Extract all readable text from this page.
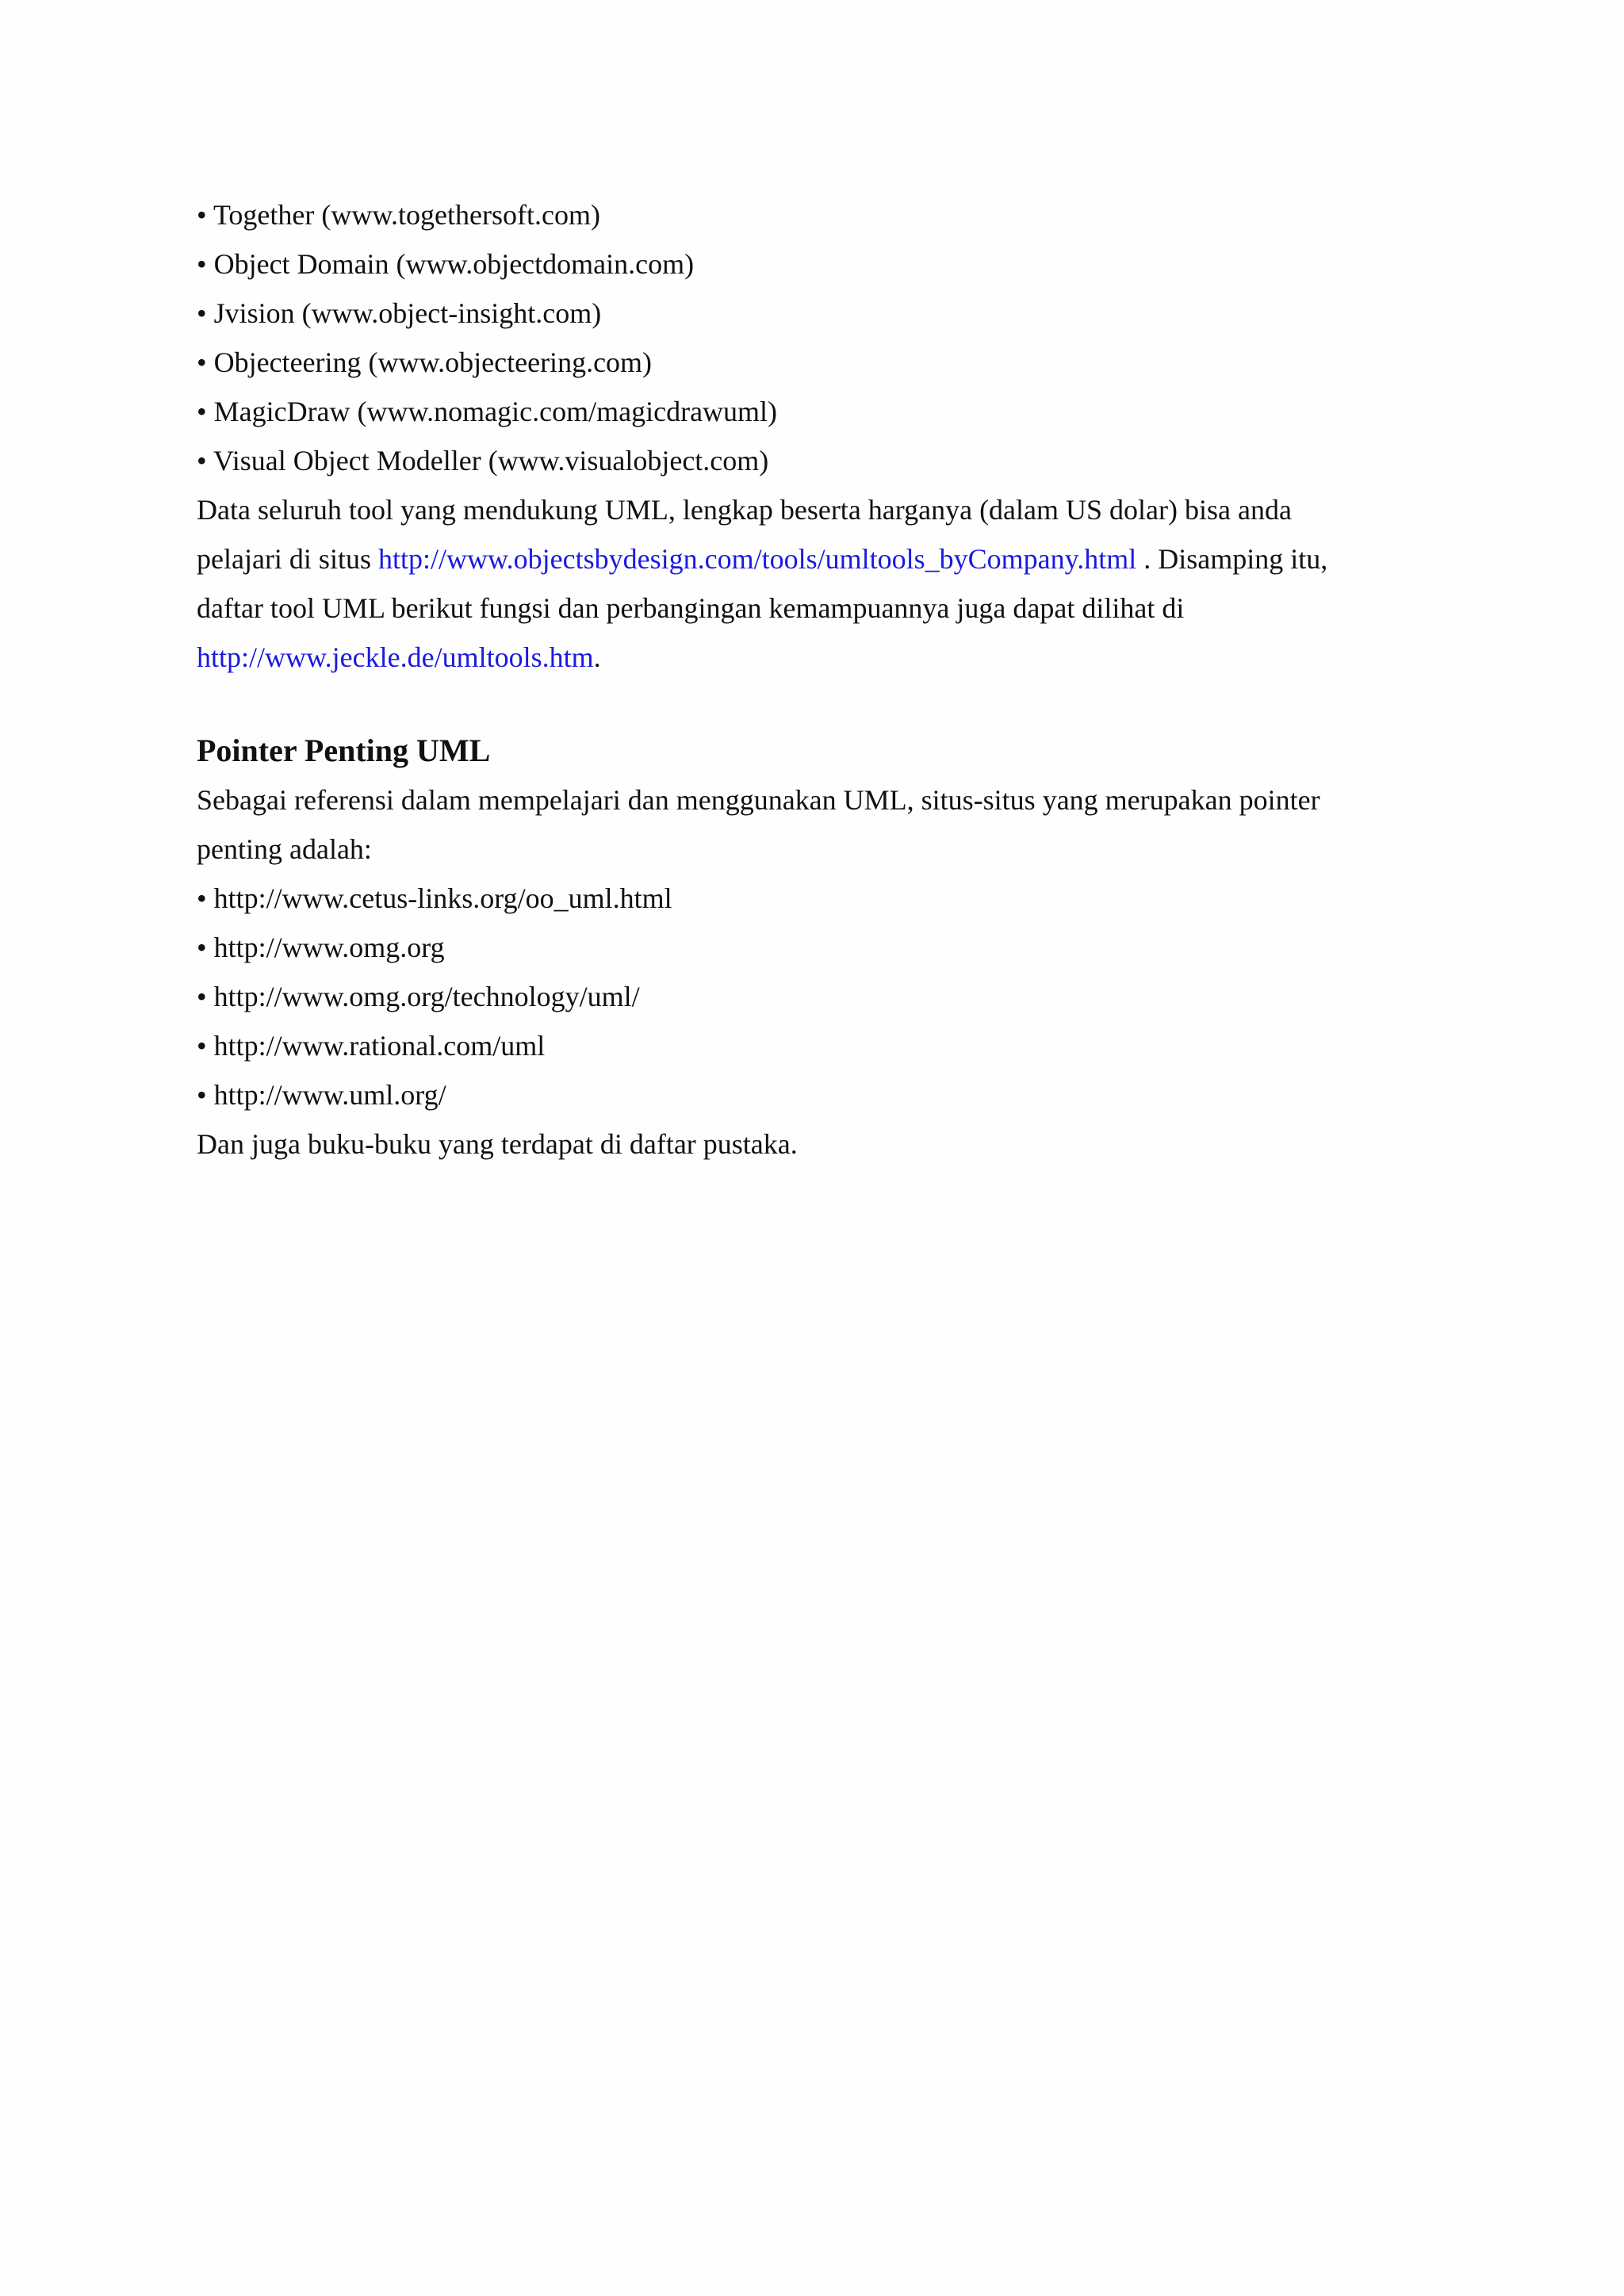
• Together (www.togethersoft.com)
• Object Domain (www.objectdomain.com)
• Jvision (www.object-insight.com)
• Objecteering (www.objecteering.com)
• MagicDraw (www.nomagic.com/magicdrawuml)
• Visual Object Modeller (www.visualobject.com)
Data seluruh tool yang mendukung UML, lengkap beserta harganya (dalam US dolar) bisa anda
pelajari di situs http://www.objectsbydesign.com/tools/umltools_byCompany.html . Disamping itu,
daftar tool UML berikut fungsi dan perbangingan kemampuannya juga dapat dilihat di
http://www.jeckle.de/umltools.htm.
Pointer Penting UML
Sebagai referensi dalam mempelajari dan menggunakan UML, situs-situs yang merupakan pointer
penting adalah:
• http://www.cetus-links.org/oo_uml.html
• http://www.omg.org
• http://www.omg.org/technology/uml/
• http://www.rational.com/uml
• http://www.uml.org/
Dan juga buku-buku yang terdapat di daftar pustaka.
